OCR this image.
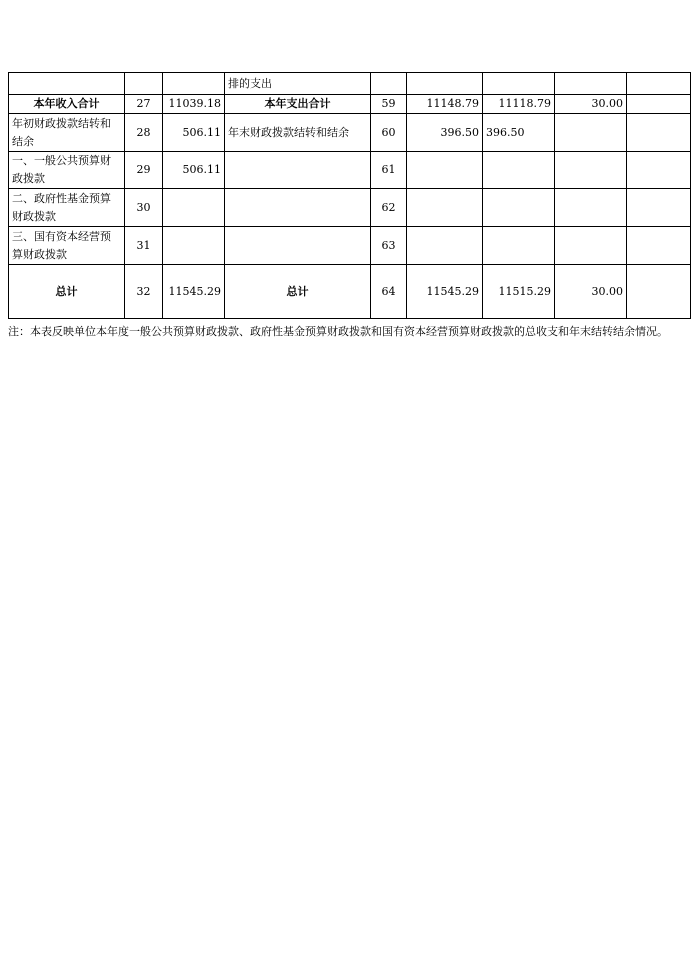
			排的支出					
本年收入合计	27	11039.18	本年支出合计	59	11148.79	11118.79	30.00	
年初财政拨款结转和结余	28	506.11	年末财政拨款结转和结余	60	396.50	396.50		
一、一般公共预算财政拨款	29	506.11		61				
二、政府性基金预算财政拨款	30			62				
三、国有资本经营预算财政拨款	31			63				
总计	32	11545.29	总计	64	11545.29	11515.29	30.00	
注：本表反映单位本年度一般公共预算财政拨款、政府性基金预算财政拨款和国有资本经营预算财政拨款的总收支和年末结转结余情况。
